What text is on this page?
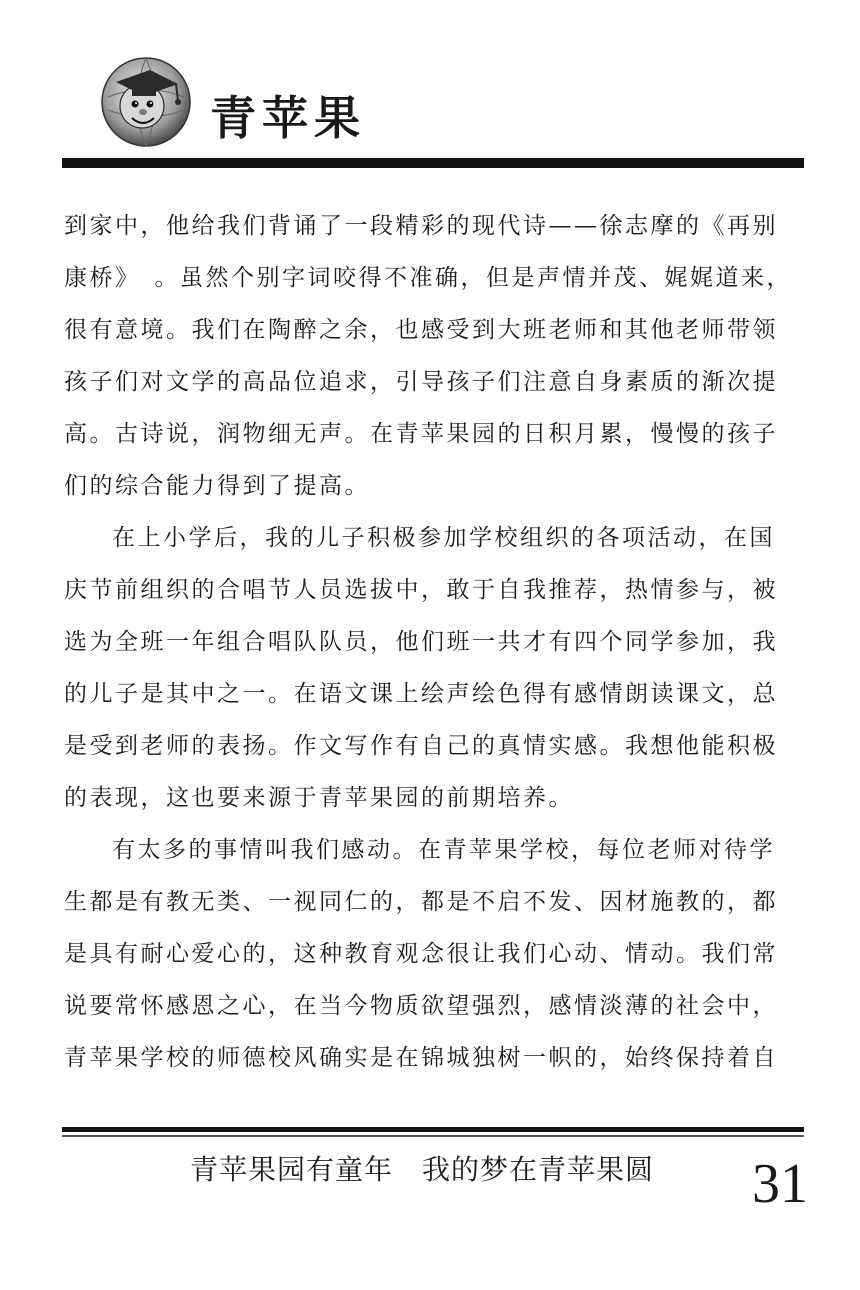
青苹果
到家中，他给我们背诵了一段精彩的现代诗——徐志摩的《再别
康桥》　。虽然个别字词咬得不准确，但是声情并茂、娓娓道来，
很有意境。我们在陶醉之余，也感受到大班老师和其他老师带领
孩子们对文学的高品位追求，引导孩子们注意自身素质的渐次提
高。古诗说，润物细无声。在青苹果园的日积月累，慢慢的孩子
们的综合能力得到了提高。
在上小学后，我的儿子积极参加学校组织的各项活动，在国
庆节前组织的合唱节人员选拔中，敢于自我推荐，热情参与，被
选为全班一年组合唱队队员，他们班一共才有四个同学参加，我
的儿子是其中之一。在语文课上绘声绘色得有感情朗读课文，总
是受到老师的表扬。作文写作有自己的真情实感。我想他能积极
的表现，这也要来源于青苹果园的前期培养。
有太多的事情叫我们感动。在青苹果学校，每位老师对待学
生都是有教无类、一视同仁的，都是不启不发、因材施教的，都
是具有耐心爱心的，这种教育观念很让我们心动、情动。我们常
说要常怀感恩之心，在当今物质欲望强烈，感情淡薄的社会中，
青苹果学校的师德校风确实是在锦城独树一帜的，始终保持着自
青苹果园有童年　我的梦在青苹果圆	31
